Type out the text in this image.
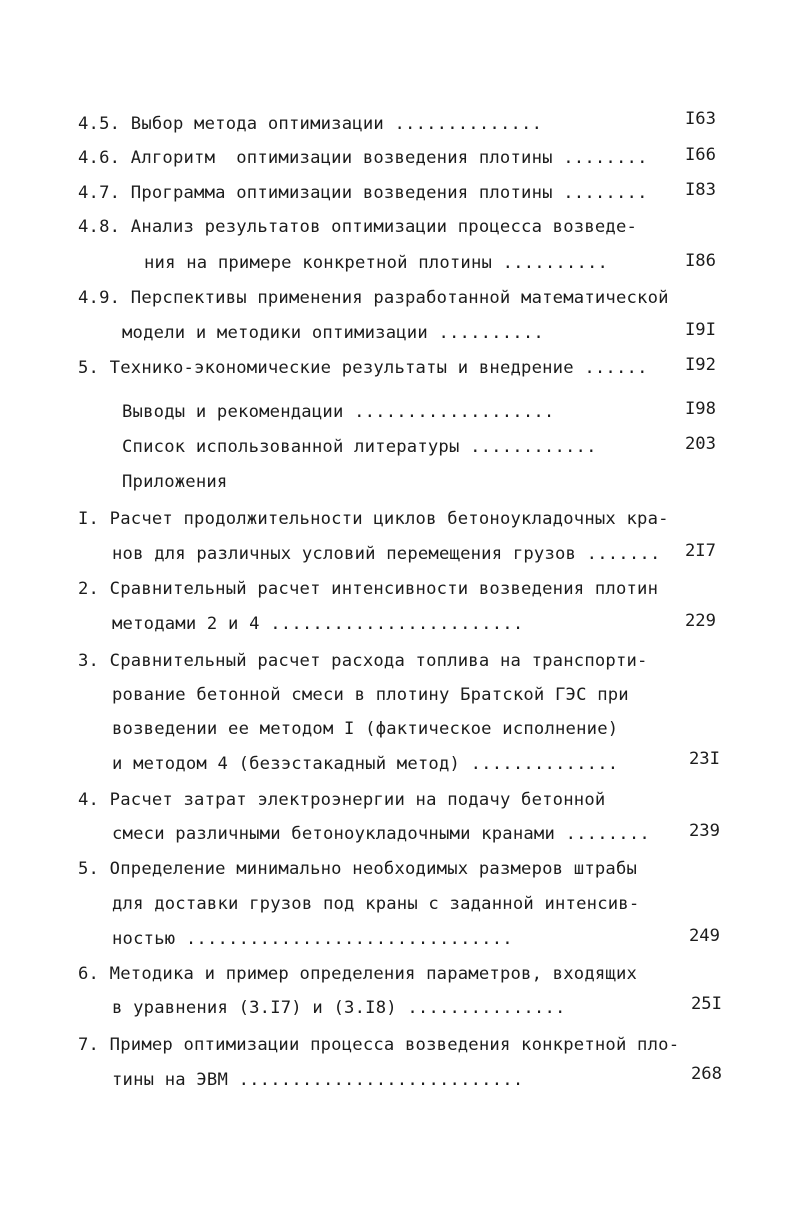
4.5. Выбор метода оптимизации ..............	I63
4.6. Алгоритм  оптимизации возведения плотины ........	I66
4.7. Программа оптимизации возведения плотины ........	I83
4.8. Анализ результатов оптимизации процесса возведе-
ния на примере конкретной плотины ..........	I86
4.9. Перспективы применения разработанной математической
модели и методики оптимизации ..........	I9I
5. Технико-экономические результаты и внедрение ......	I92
Выводы и рекомендации ...................	I98
Список использованной литературы ............	203
Приложения
I. Расчет продолжительности циклов бетоноукладочных кра-
нов для различных условий перемещения грузов .......	2I7
2. Сравнительный расчет интенсивности возведения плотин
методами 2 и 4 ........................	229
3. Сравнительный расчет расхода топлива на транспорти-
рование бетонной смеси в плотину Братской ГЭС при
возведении ее методом I (фактическое исполнение)
и методом 4 (безэстакадный метод) ..............	23I
4. Расчет затрат электроэнергии на подачу бетонной
смеси различными бетоноукладочными кранами ........	239
5. Определение минимально необходимых размеров штрабы
для доставки грузов под краны с заданной интенсив-
ностью ...............................	249
6. Методика и пример определения параметров, входящих
в уравнения (3.I7) и (3.I8) ...............	25I
7. Пример оптимизации процесса возведения конкретной пло-
тины на ЭВМ ...........................	268
